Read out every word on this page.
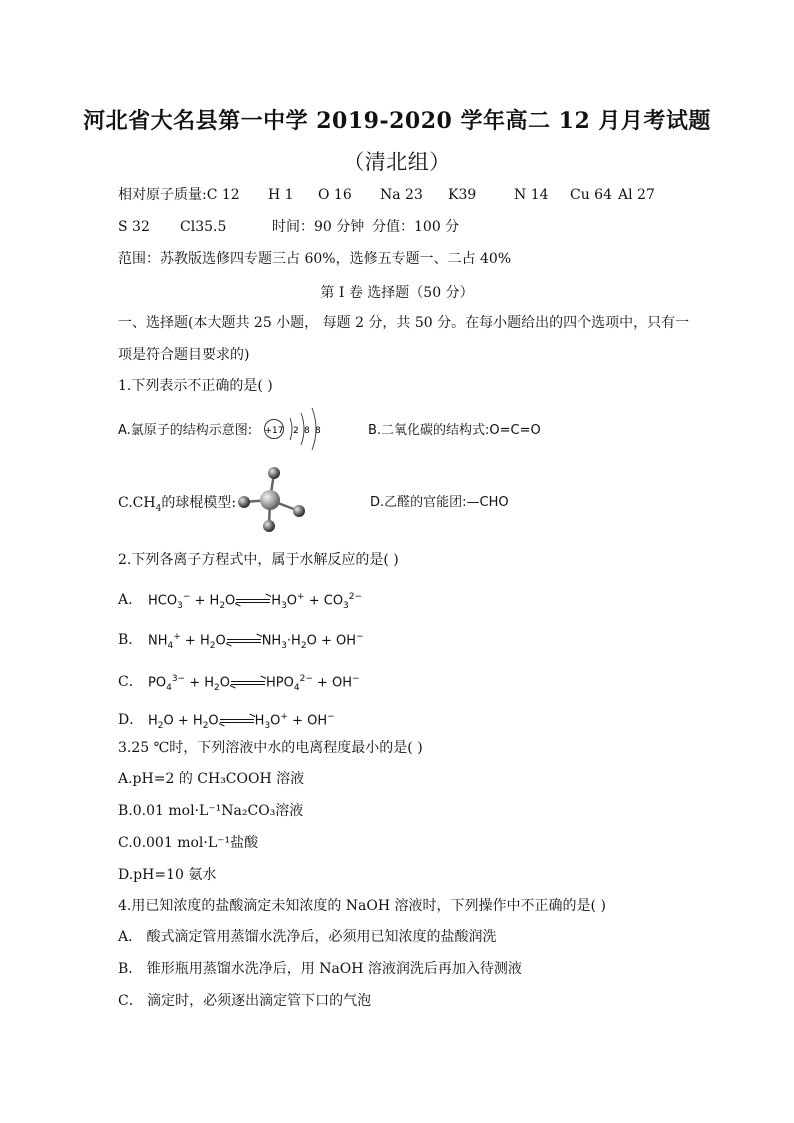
河北省大名县第一中学 2019-2020 学年高二 12 月月考试题
（清北组）
相对原子质量:C 12 H 1 O 16 Na 23 K39	N 14 Cu 64 Al 27
S 32 Cl35.5	时间：90 分钟 分值：100 分
范围：苏教版选修四专题三占 60%，选修五专题一、二占 40%
第 I 卷 选择题（50 分）
一、选择题(本大题共 25 小题， 每题 2 分，共 50 分。在每小题给出的四个选项中，只有一
项是符合题目要求的)
1.下列表示不正确的是( )
A.氯原子的结构示意图: +17 2 8 8	B.二氧化碳的结构式:O=C=O
$C.CH_4$的球棍模型:	D.乙醛的官能团:—CHO
2.下列各离子方程式中，属于水解反应的是( )
A． $HCO_3^- + H_2O$	$H_3O^+ + CO_3^{2-}$
B． $NH_4^+ + H_2O$	$NH_3\cdot H_2O + OH^-$
C． $PO_4^{3-} + H_2O$	$HPO_4^{2-} + OH^-$
D． $H_2O + H_2O$	$H_3O^+ + OH^-$
3.25 ℃时，下列溶液中水的电离程度最小的是( )
A.pH=2 的 CH₃COOH 溶液
B.0.01 mol·L⁻¹Na₂CO₃溶液
C.0.001 mol·L⁻¹盐酸
D.pH=10 氨水
4.用已知浓度的盐酸滴定未知浓度的 NaOH 溶液时，下列操作中不正确的是( )
A． 酸式滴定管用蒸馏水洗净后，必须用已知浓度的盐酸润洗
B． 锥形瓶用蒸馏水洗净后，用 NaOH 溶液润洗后再加入待测液
C． 滴定时，必须逐出滴定管下口的气泡
